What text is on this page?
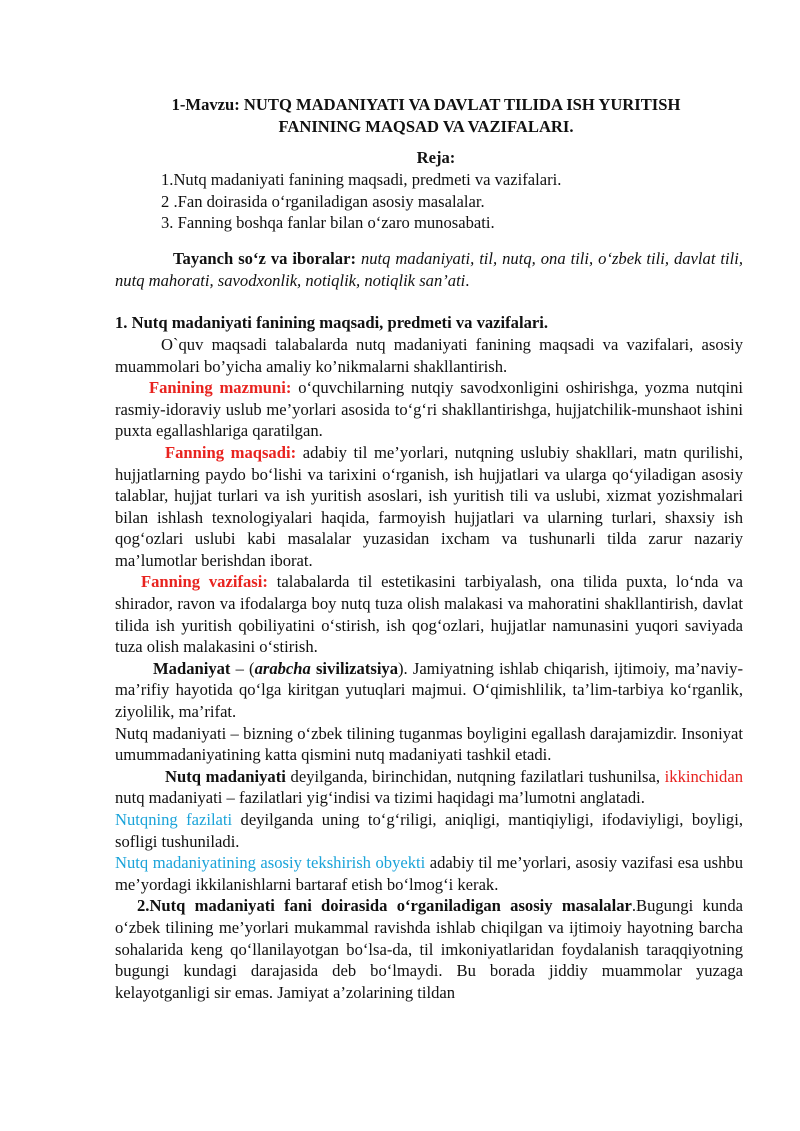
1-Mavzu: NUTQ MADANIYATI VA DAVLAT TILIDA ISH YURITISH
FANINING MAQSAD VA VAZIFALARI.
Reja:
1.Nutq madaniyati fanining maqsadi, predmeti va vazifalari.
2 .Fan doirasida o‘rganiladigan asosiy masalalar.
3. Fanning boshqa fanlar bilan o‘zaro munosabati.

Tayanch so‘z va iboralar: nutq madaniyati, til, nutq, ona tili, o‘zbek tili, davlat tili, nutq mahorati, savodxonlik, notiqlik, notiqlik san’ati.

1. Nutq madaniyati fanining maqsadi, predmeti va vazifalari.

O`quv maqsadi talabalarda nutq madaniyati fanining maqsadi va vazifalari, asosiy muammolari bo’yicha amaliy ko’nikmalarni shakllantirish.

Fanining mazmuni: o‘quvchilarning nutqiy savodxonligini oshirishga, yozma nutqini rasmiy-idoraviy uslub me’yorlari asosida to‘g‘ri shakllantirishga, hujjatchilik-munshaot ishini puxta egallashlariga qaratilgan.

Fanning maqsadi: adabiy til me’yorlari, nutqning uslubiy shakllari, matn qurilishi, hujjatlarning paydo bo‘lishi va tarixini o‘rganish, ish hujjatlari va ularga qo‘yiladigan asosiy talablar, hujjat turlari va ish yuritish asoslari, ish yuritish tili va uslubi, xizmat yozishmalari bilan ishlash texnologiyalari haqida, farmoyish hujjatlari va ularning turlari, shaxsiy ish qog‘ozlari uslubi kabi masalalar yuzasidan ixcham va tushunarli tilda zarur nazariy ma’lumotlar berishdan iborat.

Fanning vazifasi: talabalarda til estetikasini tarbiyalash, ona tilida puxta, lo‘nda va shirador, ravon va ifodalarga boy nutq tuza olish malakasi va mahoratini shakllantirish, davlat tilida ish yuritish qobiliyatini o‘stirish, ish qog‘ozlari, hujjatlar namunasini yuqori saviyada tuza olish malakasini o‘stirish.

Madaniyat – (arabcha sivilizatsiya). Jamiyatning ishlab chiqarish, ijtimoiy, ma’naviy-ma’rifiy hayotida qo‘lga kiritgan yutuqlari majmui. O‘qimishlilik, ta’lim-tarbiya ko‘rganlik, ziyolilik, ma’rifat.

Nutq madaniyati – bizning o‘zbek tilining tuganmas boyligini egallash darajamizdir. Insoniyat umummadaniyatining katta qismini nutq madaniyati tashkil etadi.

Nutq madaniyati deyilganda, birinchidan, nutqning fazilatlari tushunilsa, ikkinchidan nutq madaniyati – fazilatlari yig‘indisi va tizimi haqidagi ma’lumotni anglatadi.

Nutqning fazilati deyilganda uning to‘g‘riligi, aniqligi, mantiqiyligi, ifodaviyligi, boyligi, sofligi tushuniladi.

Nutq madaniyatining asosiy tekshirish obyekti adabiy til me’yorlari, asosiy vazifasi esa ushbu me’yordagi ikkilanishlarni bartaraf etish bo‘lmog‘i kerak.

2.Nutq madaniyati fani doirasida o‘rganiladigan asosiy masalalar.Bugungi kunda o‘zbek tilining me’yorlari mukammal ravishda ishlab chiqilgan va ijtimoiy hayotning barcha sohalarida keng qo‘llanilayotgan bo‘lsa-da, til imkoniyatlaridan foydalanish taraqqiyotning bugungi kundagi darajasida deb bo‘lmaydi. Bu borada jiddiy muammolar yuzaga kelayotganligi sir emas. Jamiyat a’zolarining tildan
